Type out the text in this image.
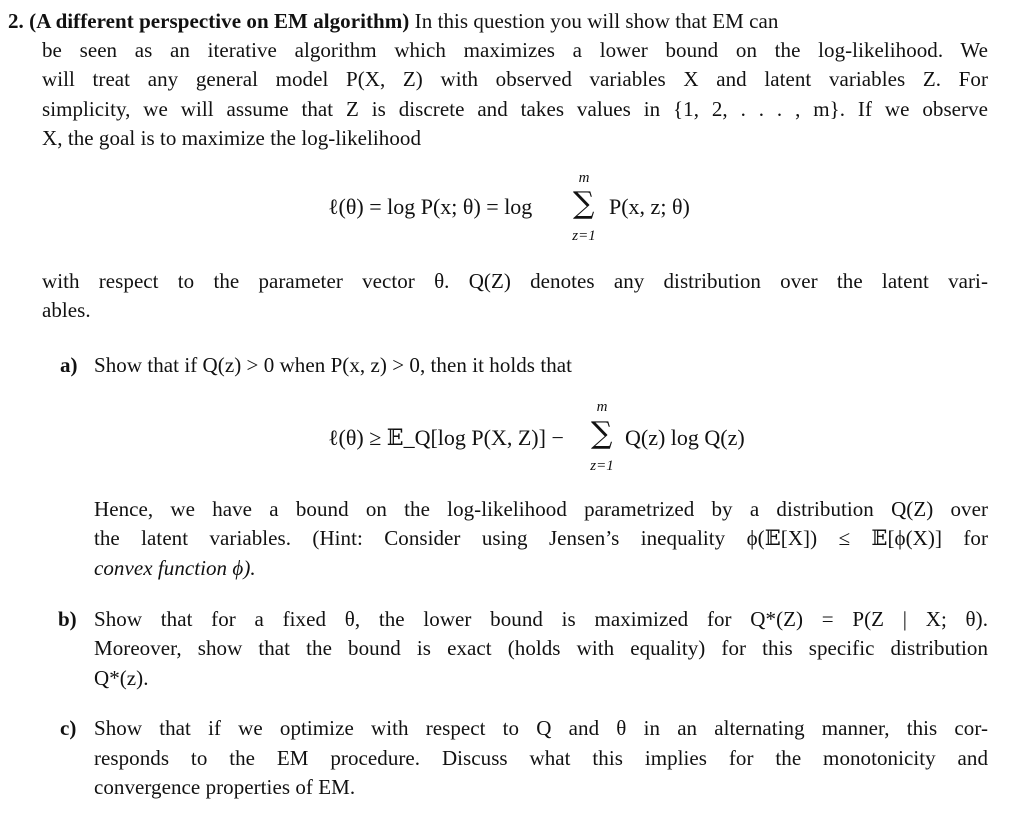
2. (A different perspective on EM algorithm) In this question you will show that EM can
be seen as an iterative algorithm which maximizes a lower bound on the log-likelihood. We
will treat any general model P(X, Z) with observed variables X and latent variables Z. For
simplicity, we will assume that Z is discrete and takes values in {1, 2, . . . , m}. If we observe
X, the goal is to maximize the log-likelihood
ℓ(θ) = log P(x; θ) = log
m
∑
z=1
P(x, z; θ)
with respect to the parameter vector θ. Q(Z) denotes any distribution over the latent vari-
ables.
a) Show that if Q(z) > 0 when P(x, z) > 0, then it holds that
ℓ(θ) ≥ 𝔼_Q[log P(X, Z)] −
m
∑
z=1
Q(z) log Q(z)
Hence, we have a bound on the log-likelihood parametrized by a distribution Q(Z) over
the latent variables. (Hint: Consider using Jensen’s inequality ϕ(𝔼[X]) ≤ 𝔼[ϕ(X)] for
convex function ϕ).
b) Show that for a fixed θ, the lower bound is maximized for Q*(Z) = P(Z | X; θ).
Moreover, show that the bound is exact (holds with equality) for this specific distribution
Q*(z).
c) Show that if we optimize with respect to Q and θ in an alternating manner, this cor-
responds to the EM procedure. Discuss what this implies for the monotonicity and
convergence properties of EM.
